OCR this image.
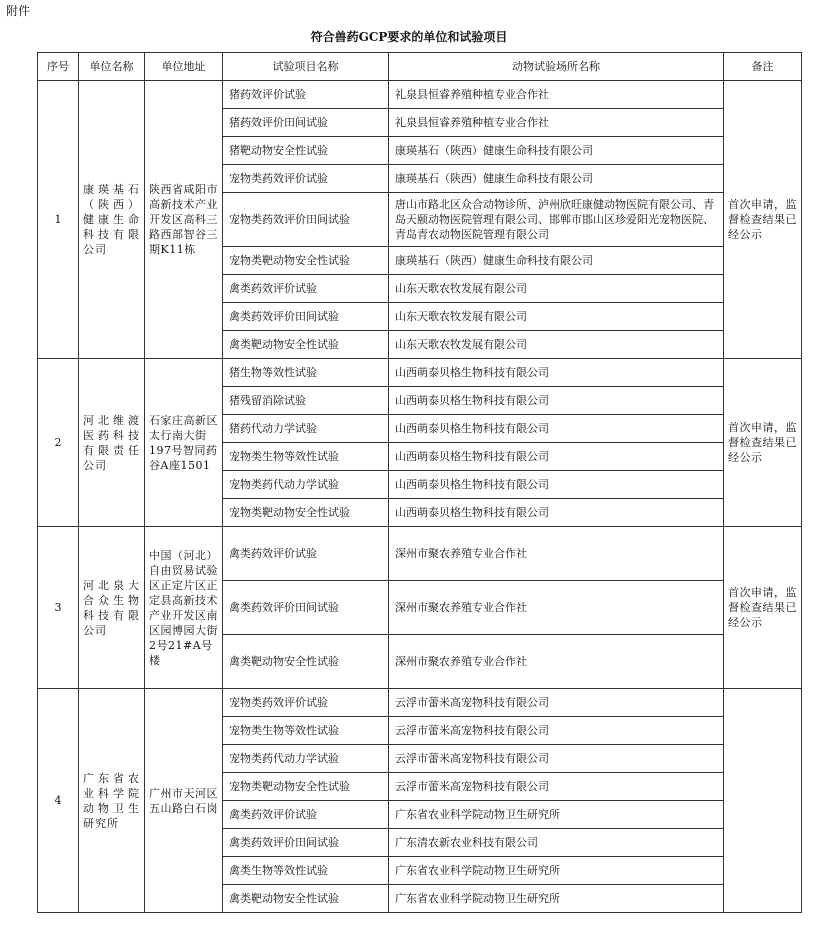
附件
符合兽药GCP要求的单位和试验项目
序号	单位名称	单位地址	试验项目名称	动物试验场所名称	备注
1	康瑛基石（陕西）健康生命科技有限公司	陕西省咸阳市高新技术产业开发区高科三路西部智谷三期K11栋	猪药效评价试验	礼泉县恒睿养殖种植专业合作社	首次申请，监督检查结果已经公示
			猪药效评价田间试验	礼泉县恒睿养殖种植专业合作社	
			猪靶动物安全性试验	康瑛基石（陕西）健康生命科技有限公司	
			宠物类药效评价试验	康瑛基石（陕西）健康生命科技有限公司	
			宠物类药效评价田间试验	唐山市路北区众合动物诊所、泸州欣旺康健动物医院有限公司、青岛天颐动物医院管理有限公司、邯郸市邯山区珍爱阳光宠物医院、青岛青农动物医院管理有限公司	
			宠物类靶动物安全性试验	康瑛基石（陕西）健康生命科技有限公司	
			禽类药效评价试验	山东天歌农牧发展有限公司	
			禽类药效评价田间试验	山东天歌农牧发展有限公司	
			禽类靶动物安全性试验	山东天歌农牧发展有限公司	
2	河北维渡医药科技有限责任公司	石家庄高新区太行南大街197号智同药谷A座1501	猪生物等效性试验	山西萌泰贝格生物科技有限公司	首次申请，监督检查结果已经公示
			猪残留消除试验	山西萌泰贝格生物科技有限公司	
			猪药代动力学试验	山西萌泰贝格生物科技有限公司	
			宠物类生物等效性试验	山西萌泰贝格生物科技有限公司	
			宠物类药代动力学试验	山西萌泰贝格生物科技有限公司	
			宠物类靶动物安全性试验	山西萌泰贝格生物科技有限公司	
3	河北泉大合众生物科技有限公司	中国（河北）自由贸易试验区正定片区正定县高新技术产业开发区南区园博园大街2号21#A号楼	禽类药效评价试验	深州市聚农养殖专业合作社	首次申请，监督检查结果已经公示
			禽类药效评价田间试验	深州市聚农养殖专业合作社	
			禽类靶动物安全性试验	深州市聚农养殖专业合作社	
4	广东省农业科学院动物卫生研究所	广州市天河区五山路白石岗	宠物类药效评价试验	云浮市蕾米高宠物科技有限公司	
			宠物类生物等效性试验	云浮市蕾米高宠物科技有限公司	
			宠物类药代动力学试验	云浮市蕾米高宠物科技有限公司	
			宠物类靶动物安全性试验	云浮市蕾米高宠物科技有限公司	
			禽类药效评价试验	广东省农业科学院动物卫生研究所	
			禽类药效评价田间试验	广东清农新农业科技有限公司	
			禽类生物等效性试验	广东省农业科学院动物卫生研究所	
			禽类靶动物安全性试验	广东省农业科学院动物卫生研究所	
